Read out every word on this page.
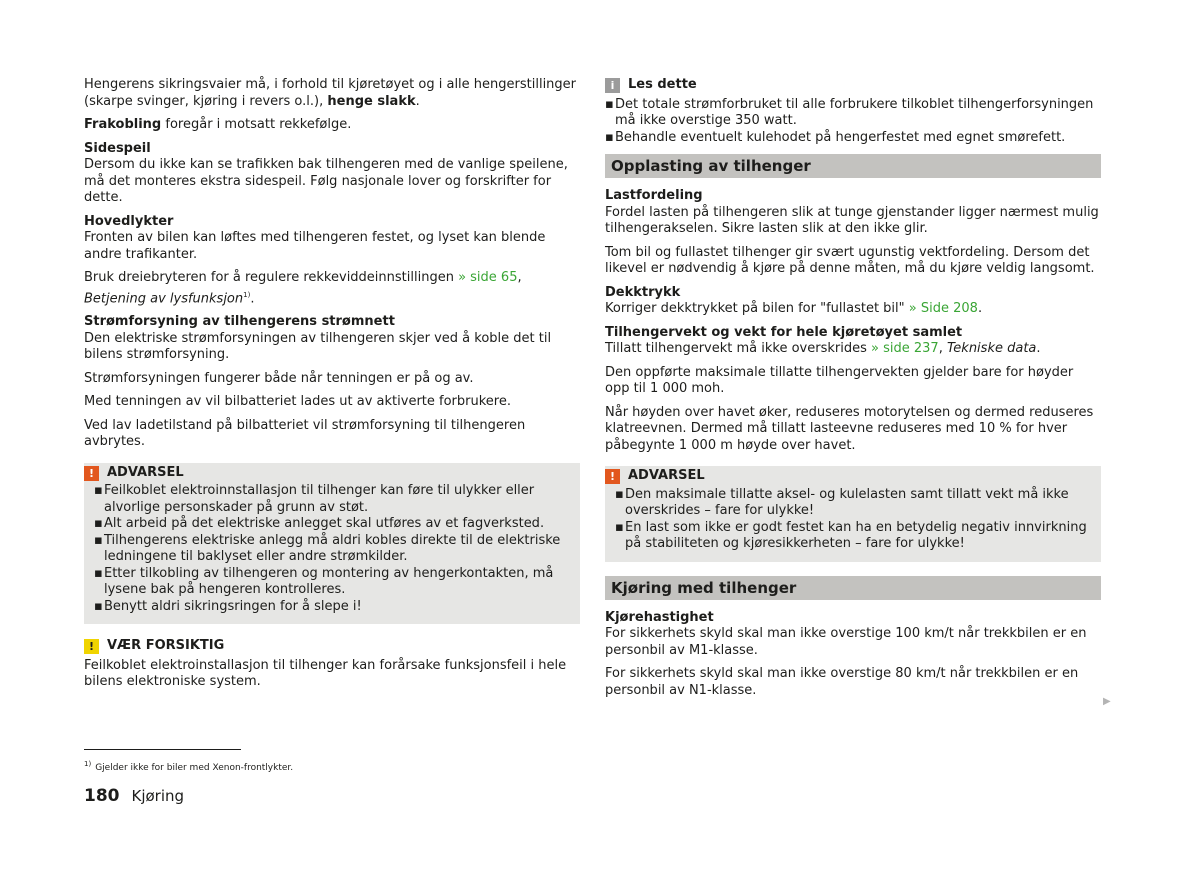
Hengerens sikringsvaier må, i forhold til kjøretøyet og i alle hengerstillinger (skarpe svinger, kjøring i revers o.l.), henge slakk.

Frakobling foregår i motsatt rekkefølge.

Sidespeil
Dersom du ikke kan se trafikken bak tilhengeren med de vanlige speilene, må det monteres ekstra sidespeil. Følg nasjonale lover og forskrifter for dette.

Hovedlykter
Fronten av bilen kan løftes med tilhengeren festet, og lyset kan blende andre trafikanter.

Bruk dreiebryteren for å regulere rekkeviddeinnstillingen » side 65, Betjening av lysfunksjon$^{1)}$.

Strømforsyning av tilhengerens strømnett
Den elektriske strømforsyningen av tilhengeren skjer ved å koble det til bilens strømforsyning.

Strømforsyningen fungerer både når tenningen er på og av.

Med tenningen av vil bilbatteriet lades ut av aktiverte forbrukere.

Ved lav ladetilstand på bilbatteriet vil strømforsyning til tilhengeren avbrytes.

! ADVARSEL
▪ Feilkoblet elektroinnstallasjon til tilhenger kan føre til ulykker eller alvorlige personskader på grunn av støt.
▪ Alt arbeid på det elektriske anlegget skal utføres av et fagverksted.
▪ Tilhengerens elektriske anlegg må aldri kobles direkte til de elektriske ledningene til baklyset eller andre strømkilder.
▪ Etter tilkobling av tilhengeren og montering av hengerkontakten, må lysene bak på hengeren kontrolleres.
▪ Benytt aldri sikringsringen for å slepe i!
! VÆR FORSIKTIG

Feilkoblet elektroinstallasjon til tilhenger kan forårsake funksjonsfeil i hele bilens elektroniske system.

i	Les dette
▪ Det totale strømforbruket til alle forbrukere tilkoblet tilhengerforsyningen må ikke overstige 350 watt.
▪ Behandle eventuelt kulehodet på hengerfestet med egnet smørefett.
Opplasting av tilhenger

Lastfordeling
Fordel lasten på tilhengeren slik at tunge gjenstander ligger nærmest mulig tilhengerakselen. Sikre lasten slik at den ikke glir.

Tom bil og fullastet tilhenger gir svært ugunstig vektfordeling. Dersom det likevel er nødvendig å kjøre på denne måten, må du kjøre veldig langsomt.

Dekktrykk
Korriger dekktrykket på bilen for "fullastet bil" » Side 208.

Tilhengervekt og vekt for hele kjøretøyet samlet
Tillatt tilhengervekt må ikke overskrides » side 237, Tekniske data.

Den oppførte maksimale tillatte tilhengervekten gjelder bare for høyder opp til 1 000 moh.

Når høyden over havet øker, reduseres motorytelsen og dermed reduseres klatreevnen. Dermed må tillatt lasteevne reduseres med 10 % for hver påbegynte 1 000 m høyde over havet.

! ADVARSEL
▪ Den maksimale tillatte aksel- og kulelasten samt tillatt vekt må ikke overskrides – fare for ulykke!
▪ En last som ikke er godt festet kan ha en betydelig negativ innvirkning på stabiliteten og kjøresikkerheten – fare for ulykke!
Kjøring med tilhenger

Kjørehastighet
For sikkerhets skyld skal man ikke overstige 100 km/t når trekkbilen er en personbil av M1-klasse.

For sikkerhets skyld skal man ikke overstige 80 km/t når trekkbilen er en personbil av N1-klasse.

▶
$^{1)}$ Gjelder ikke for biler med Xenon-frontlykter.
180 Kjøring
